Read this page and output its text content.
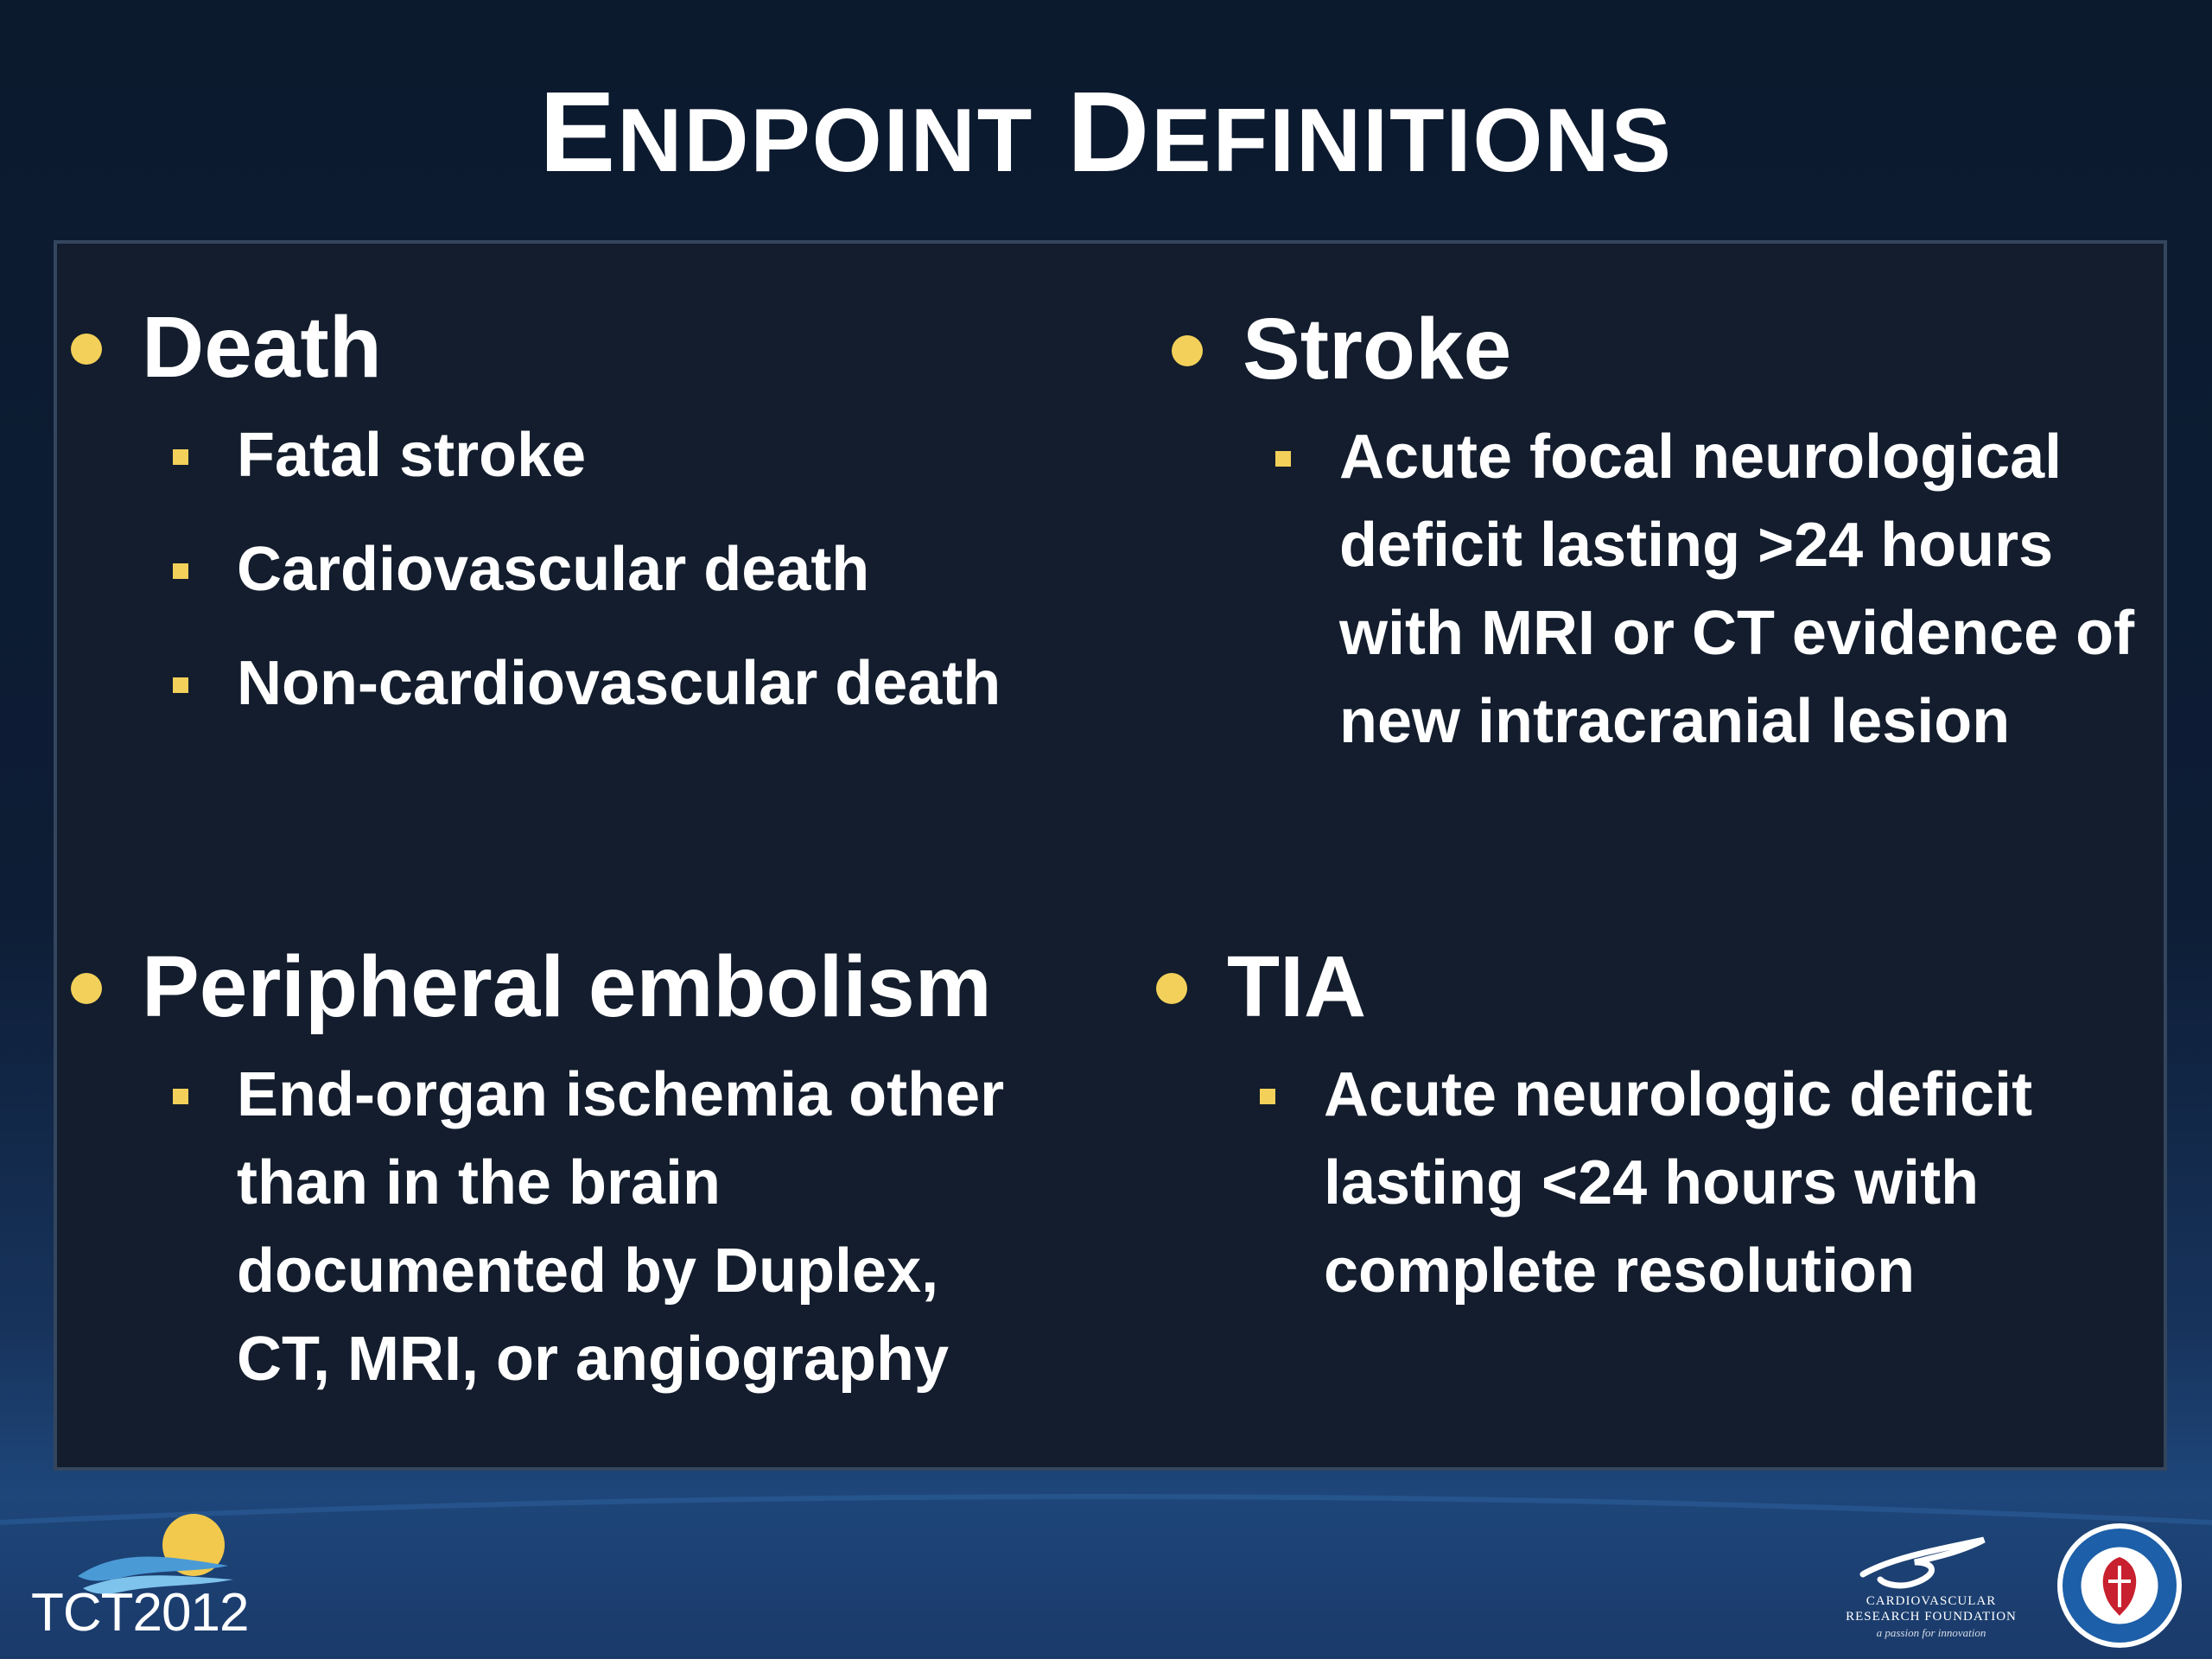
ENDPOINT DEFINITIONS
Death
Fatal stroke
Cardiovascular death
Non-cardiovascular death
Stroke
Acute focal neurological
deficit lasting >24 hours
with MRI or CT evidence of
new intracranial lesion
Peripheral embolism
End-organ ischemia other
than in the brain
documented by Duplex,
CT, MRI, or angiography
TIA
Acute neurologic deficit
lasting <24 hours with
complete resolution
TCT2012	CARDIOVASCULAR
RESEARCH FOUNDATION
a passion for innovation
